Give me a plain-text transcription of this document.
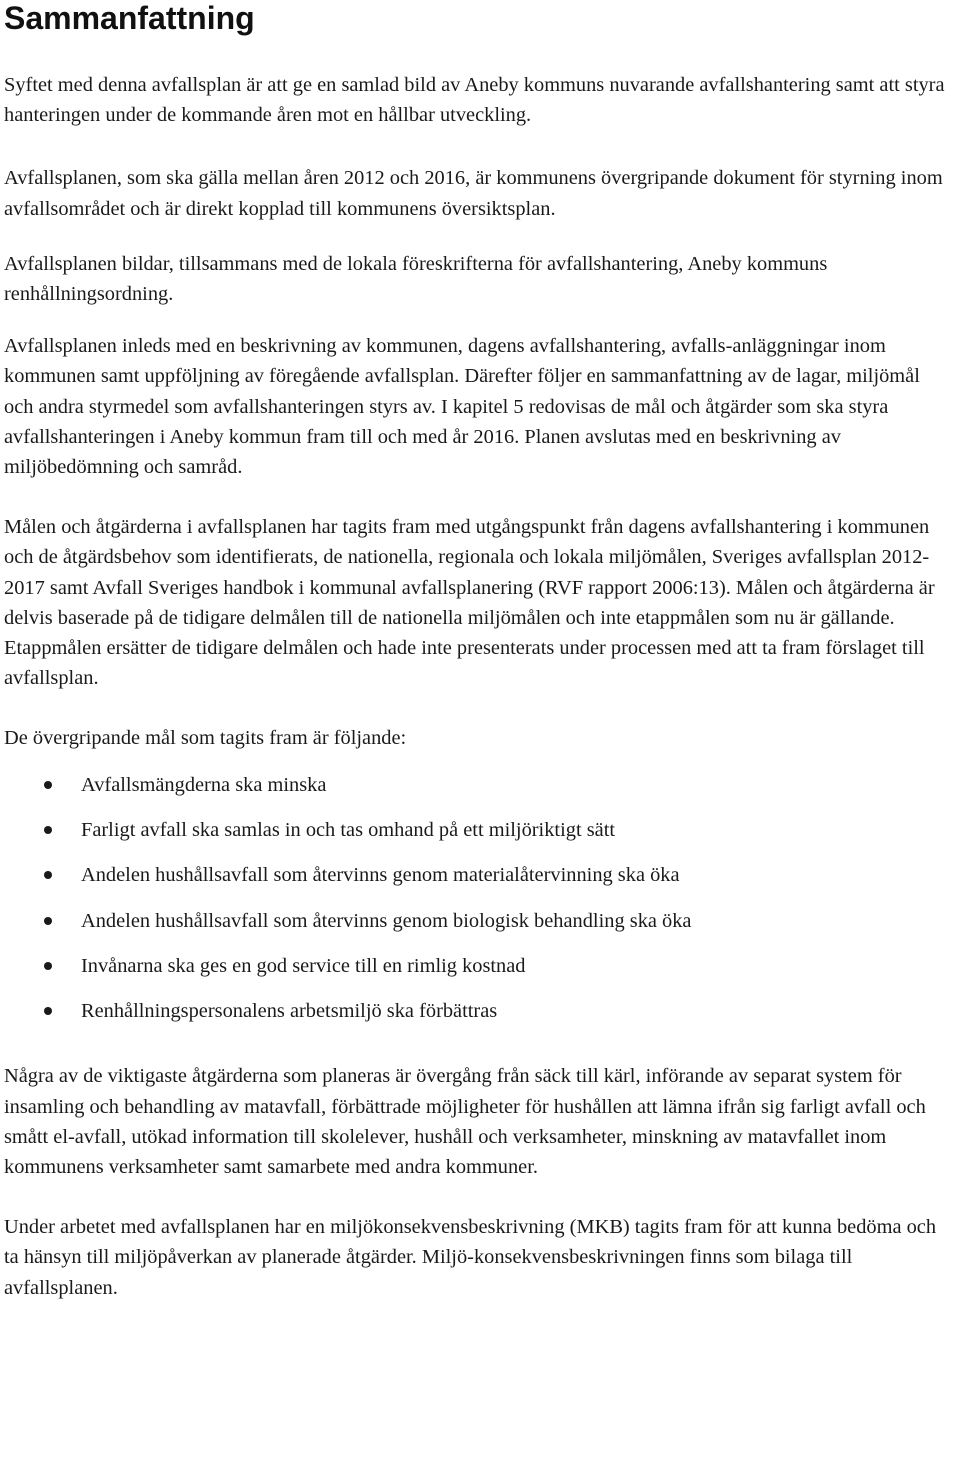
Sammanfattning

Syftet med denna avfallsplan är att ge en samlad bild av Aneby kommuns nuvarande avfallshantering samt att styra hanteringen under de kommande åren mot en hållbar utveckling.

Avfallsplanen, som ska gälla mellan åren 2012 och 2016, är kommunens övergripande dokument för styrning inom avfallsområdet och är direkt kopplad till kommunens översiktsplan.

Avfallsplanen bildar, tillsammans med de lokala föreskrifterna för avfallshantering, Aneby kommuns renhållningsordning.

Avfallsplanen inleds med en beskrivning av kommunen, dagens avfallshantering, avfalls-anläggningar inom kommunen samt uppföljning av föregående avfallsplan. Därefter följer en sammanfattning av de lagar, miljömål och andra styrmedel som avfallshanteringen styrs av. I kapitel 5 redovisas de mål och åtgärder som ska styra avfallshanteringen i Aneby kommun fram till och med år 2016. Planen avslutas med en beskrivning av miljöbedömning och samråd.

Målen och åtgärderna i avfallsplanen har tagits fram med utgångspunkt från dagens avfallshantering i kommunen och de åtgärdsbehov som identifierats, de nationella, regionala och lokala miljömålen, Sveriges avfallsplan 2012-2017 samt Avfall Sveriges handbok i kommunal avfallsplanering (RVF rapport 2006:13). Målen och åtgärderna är delvis baserade på de tidigare delmålen till de nationella miljömålen och inte etappmålen som nu är gällande. Etappmålen ersätter de tidigare delmålen och hade inte presenterats under processen med att ta fram förslaget till avfallsplan.

De övergripande mål som tagits fram är följande:

Avfallsmängderna ska minska
Farligt avfall ska samlas in och tas omhand på ett miljöriktigt sätt
Andelen hushållsavfall som återvinns genom materialåtervinning ska öka
Andelen hushållsavfall som återvinns genom biologisk behandling ska öka
Invånarna ska ges en god service till en rimlig kostnad
Renhållningspersonalens arbetsmiljö ska förbättras

Några av de viktigaste åtgärderna som planeras är övergång från säck till kärl, införande av separat system för insamling och behandling av matavfall, förbättrade möjligheter för hushållen att lämna ifrån sig farligt avfall och smått el-avfall, utökad information till skolelever, hushåll och verksamheter, minskning av matavfallet inom kommunens verksamheter samt samarbete med andra kommuner.

Under arbetet med avfallsplanen har en miljökonsekvensbeskrivning (MKB) tagits fram för att kunna bedöma och ta hänsyn till miljöpåverkan av planerade åtgärder. Miljö-konsekvensbeskrivningen finns som bilaga till avfallsplanen.
